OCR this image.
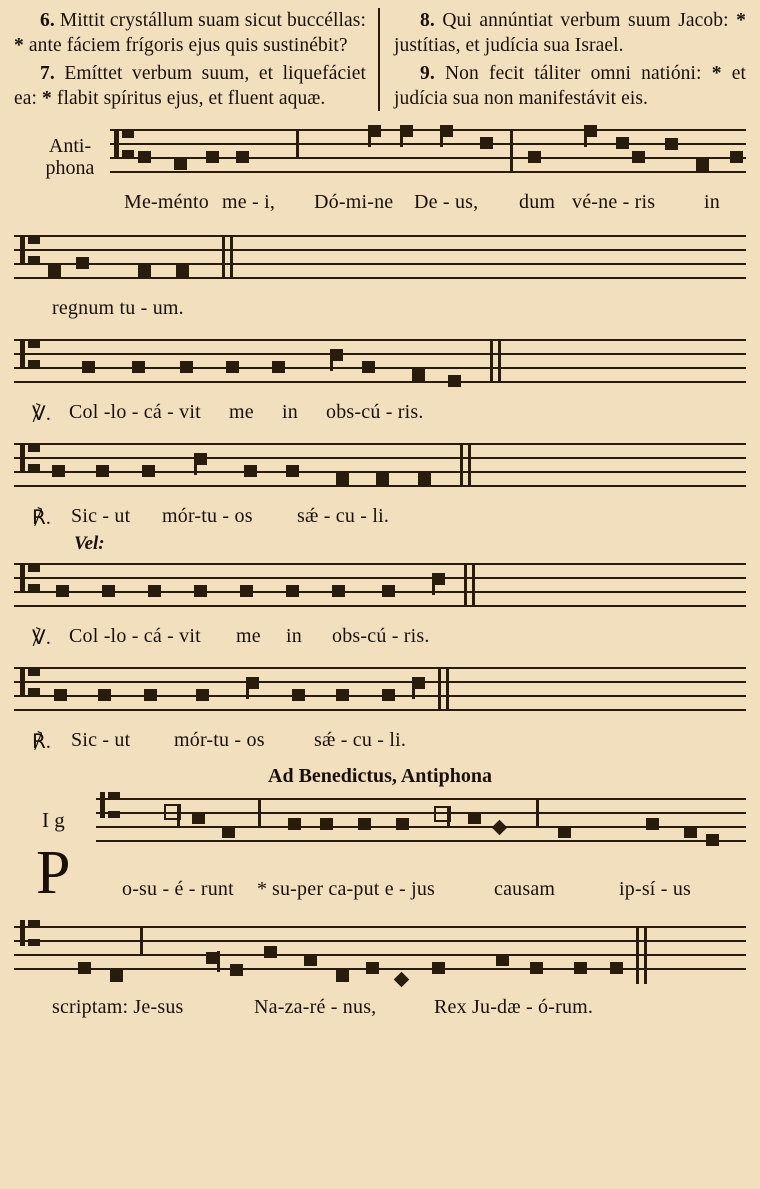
6. Mittit crystállum suam sicut buccéllas: * ante fáciem frígoris ejus quis sustinébit?

7. Emíttet verbum suum, et liquefáciet ea: * flabit spíritus ejus, et fluent aquæ.

8. Qui annúntiat verbum suum Jacob: * justítias, et judícia sua Israel.

9. Non fecit táliter omni natióni: * et judícia sua non manifestávit eis.

Anti-
phona
Me-ménto me - i, Dó-mi-ne De - us, dum vé-ne - ris in
regnum tu - um.
℣. Col -lo - cá - vit me in obs-cú - ris.
℟. Sic - ut mór-tu - os sǽ - cu - li.
Vel:
℣. Col -lo - cá - vit me in obs-cú - ris.
℟. Sic - ut mór-tu - os sǽ - cu - li.
Ad Benedictus, Antiphona
I g
P	o-su - é - runt * su-per ca-put e - jus	causam	ip-sí - us
scriptam: Je-sus	Na-za-ré - nus,	Rex Ju-dæ - ó-rum.
